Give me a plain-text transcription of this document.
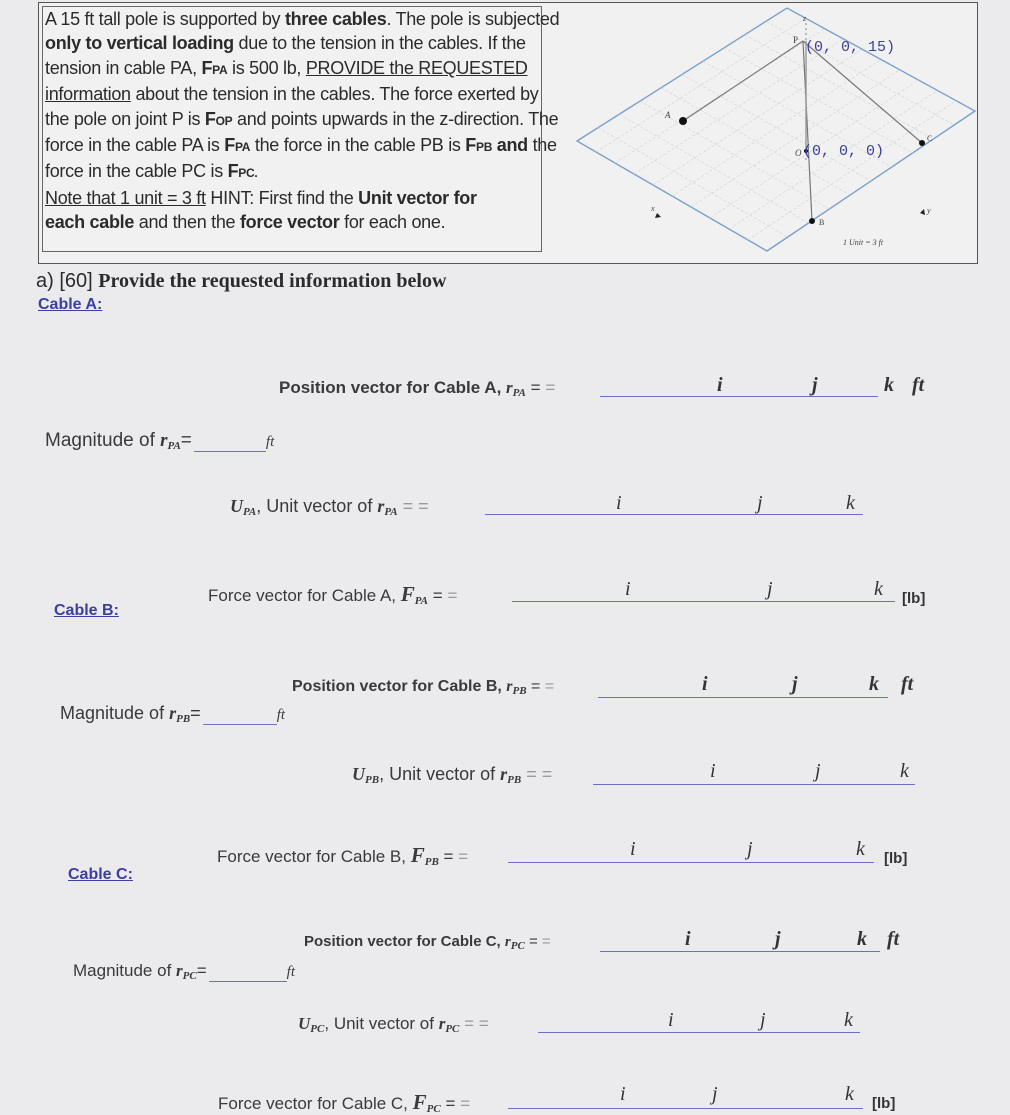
A 15 ft tall pole is supported by three cables. The pole is subjected
only to vertical loading due to the tension in the cables. If the
tension in cable PA, FPA is 500 lb, PROVIDE the REQUESTED
information about the tension in the cables. The force exerted by
the pole on joint P is FOP and points upwards in the z-direction. The
force in the cable PA is FPA the force in the cable PB is FPB and the
force in the cable PC is FPC.
Note that 1 unit = 3 ft HINT: First find the Unit vector for
each cable and then the force vector for each one.
A
B
C
P (0, 0, 15)
O (0, 0, 0)
z
x	y
1 Unit = 3 ft
a) [60] Provide the requested information below
Cable A:
Position vector for Cable A, $r_{PA}$ = =	i	j	k ft
Magnitude of $r_{PA}=$	ft
$U_{PA}$, Unit vector of $r_{PA}$ = =	i	j	k
Force vector for Cable A, $F_{PA}$ = =	i	j	k [lb]
Cable B:
Position vector for Cable B, $r_{PB}$ = =	i	j	k ft
Magnitude of $r_{PB}=$	ft
$U_{PB}$, Unit vector of $r_{PB}$ = =	i	j	k
Force vector for Cable B, $F_{PB}$ = =	i	j	k [lb]
Cable C:
Position vector for Cable C, $r_{PC}$ = =	i	j	k ft
Magnitude of $r_{PC}=$	ft
$U_{PC}$, Unit vector of $r_{PC}$ = =	i	j	k
Force vector for Cable C, $F_{PC}$ = =	i	j	k [lb]
